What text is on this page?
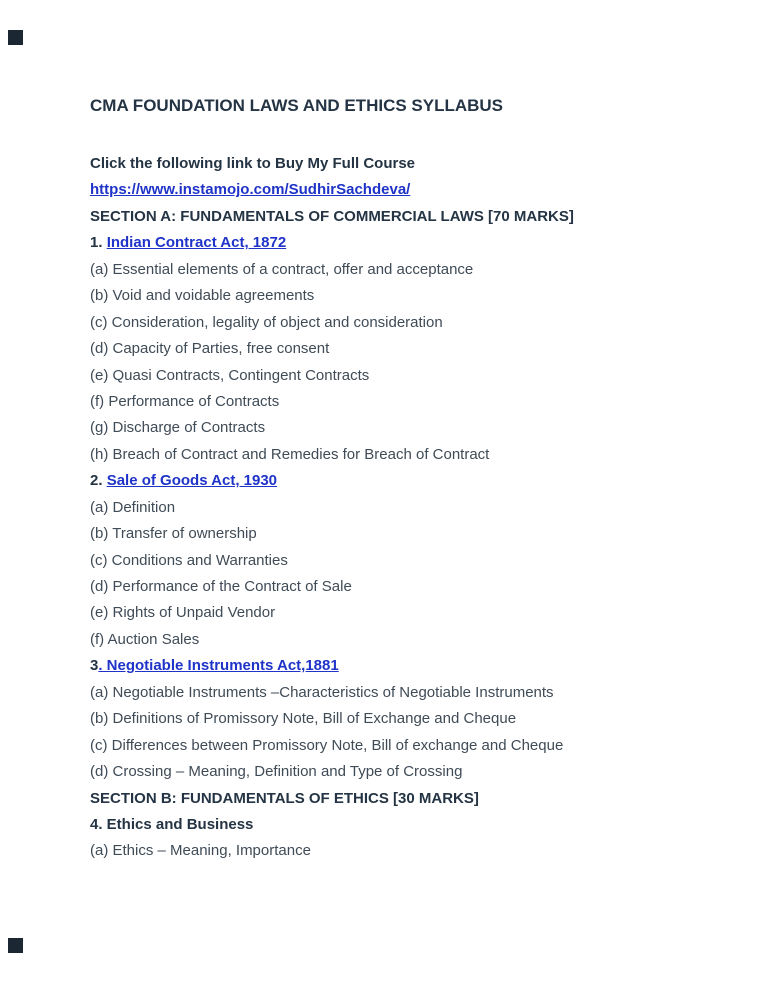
CMA FOUNDATION LAWS AND ETHICS SYLLABUS
Click the following link to Buy My Full Course
https://www.instamojo.com/SudhirSachdeva/
SECTION A: FUNDAMENTALS OF COMMERCIAL LAWS [70 MARKS]
1. Indian Contract Act, 1872
(a) Essential elements of a contract, offer and acceptance
(b) Void and voidable agreements
(c) Consideration, legality of object and consideration
(d) Capacity of Parties, free consent
(e) Quasi Contracts, Contingent Contracts
(f) Performance of Contracts
(g) Discharge of Contracts
(h) Breach of Contract and Remedies for Breach of Contract
2. Sale of Goods Act, 1930
(a) Definition
(b) Transfer of ownership
(c) Conditions and Warranties
(d) Performance of the Contract of Sale
(e) Rights of Unpaid Vendor
(f) Auction Sales
3. Negotiable Instruments Act,1881
(a) Negotiable Instruments –Characteristics of Negotiable Instruments
(b) Definitions of Promissory Note, Bill of Exchange and Cheque
(c) Differences between Promissory Note, Bill of exchange and Cheque
(d) Crossing – Meaning, Definition and Type of Crossing
SECTION B: FUNDAMENTALS OF ETHICS [30 MARKS]
4. Ethics and Business
(a) Ethics – Meaning, Importance
